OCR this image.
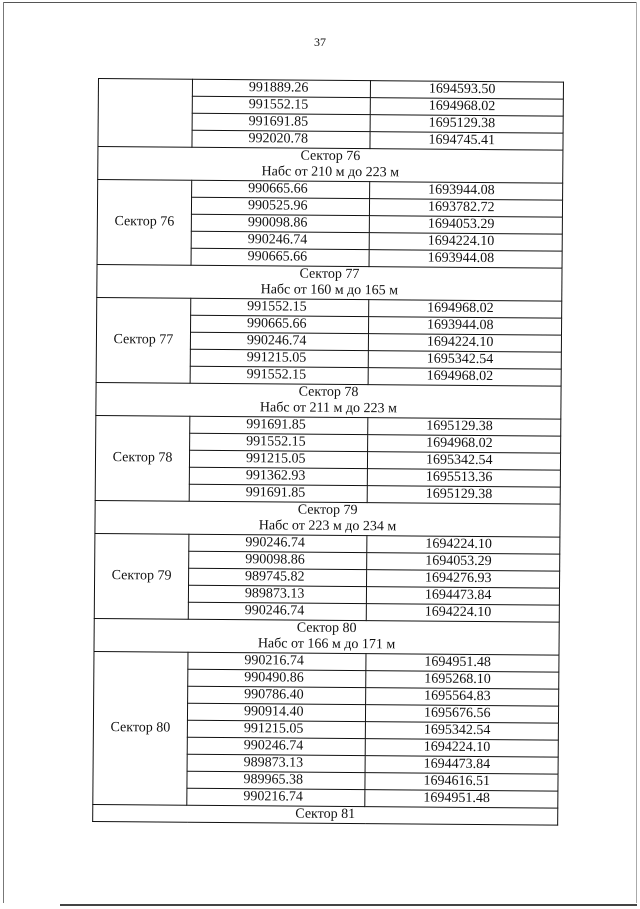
37
	991889.26	1694593.50
	991552.15	1694968.02
	991691.85	1695129.38
	992020.78	1694745.41

Сектор 76
Набс от 210 м до 223 м		

Сектор 76	990665.66	1693944.08
	990525.96	1693782.72
	990098.86	1694053.29
	990246.74	1694224.10
	990665.66	1693944.08

Сектор 77
Набс от 160 м до 165 м		

Сектор 77	991552.15	1694968.02
	990665.66	1693944.08
	990246.74	1694224.10
	991215.05	1695342.54
	991552.15	1694968.02

Сектор 78
Набс от 211 м до 223 м		

Сектор 78	991691.85	1695129.38
	991552.15	1694968.02
	991215.05	1695342.54
	991362.93	1695513.36
	991691.85	1695129.38

Сектор 79
Набс от 223 м до 234 м		

Сектор 79	990246.74	1694224.10
	990098.86	1694053.29
	989745.82	1694276.93
	989873.13	1694473.84
	990246.74	1694224.10

Сектор 80
Набс от 166 м до 171 м		

Сектор 80	990216.74	1694951.48
	990490.86	1695268.10
	990786.40	1695564.83
	990914.40	1695676.56
	991215.05	1695342.54
	990246.74	1694224.10
	989873.13	1694473.84
	989965.38	1694616.51
	990216.74	1694951.48

Сектор 81		
